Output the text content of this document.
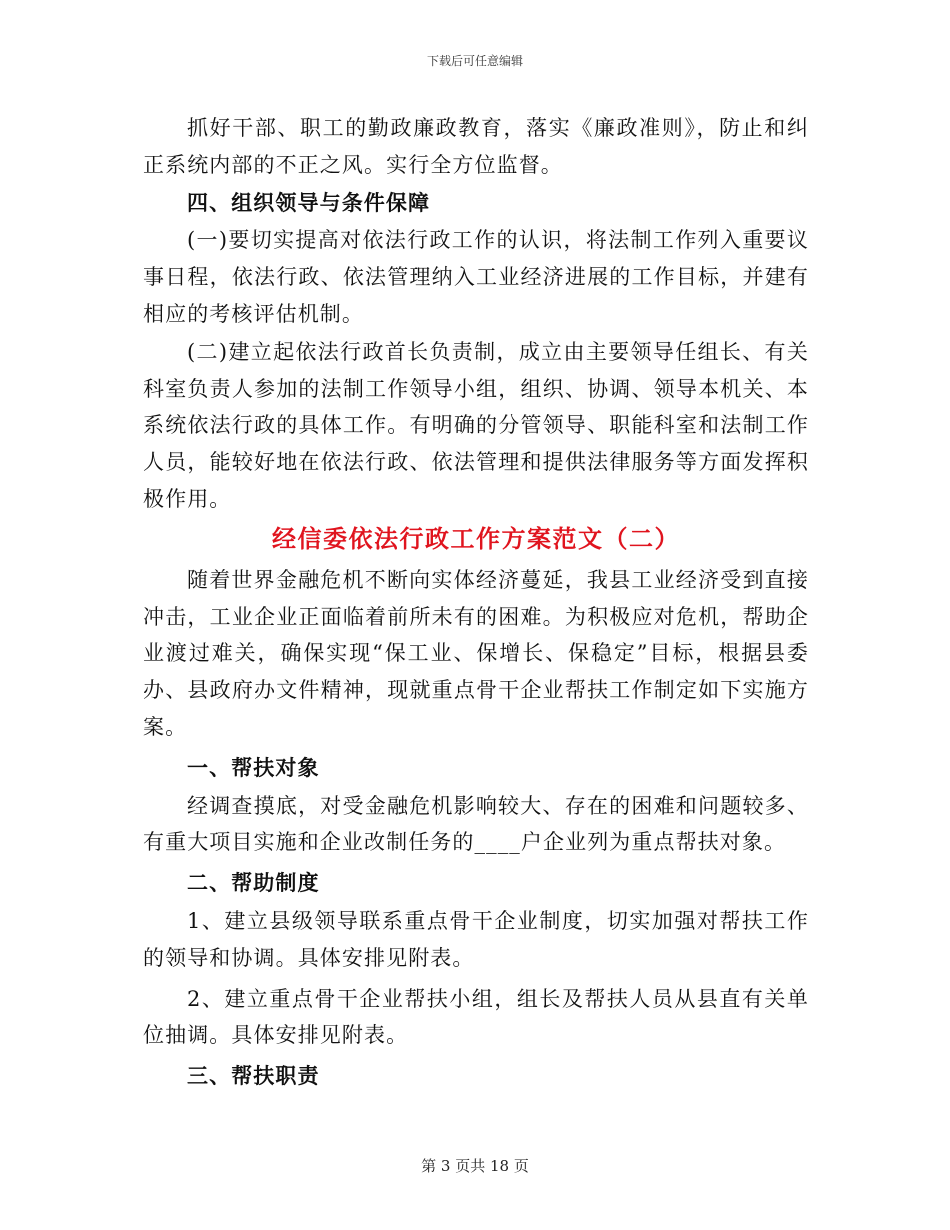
下载后可任意编辑

抓好干部、职工的勤政廉政教育，落实《廉政准则》，防止和纠正系统内部的不正之风。实行全方位监督。

四、组织领导与条件保障

(一)要切实提高对依法行政工作的认识，将法制工作列入重要议事日程，依法行政、依法管理纳入工业经济进展的工作目标，并建有相应的考核评估机制。

(二)建立起依法行政首长负责制，成立由主要领导任组长、有关科室负责人参加的法制工作领导小组，组织、协调、领导本机关、本系统依法行政的具体工作。有明确的分管领导、职能科室和法制工作人员，能较好地在依法行政、依法管理和提供法律服务等方面发挥积极作用。

经信委依法行政工作方案范文（二）

随着世界金融危机不断向实体经济蔓延，我县工业经济受到直接冲击，工业企业正面临着前所未有的困难。为积极应对危机，帮助企业渡过难关，确保实现“保工业、保增长、保稳定”目标，根据县委办、县政府办文件精神，现就重点骨干企业帮扶工作制定如下实施方案。

一、帮扶对象

经调查摸底，对受金融危机影响较大、存在的困难和问题较多、有重大项目实施和企业改制任务的____户企业列为重点帮扶对象。

二、帮助制度

1、建立县级领导联系重点骨干企业制度，切实加强对帮扶工作的领导和协调。具体安排见附表。

2、建立重点骨干企业帮扶小组，组长及帮扶人员从县直有关单位抽调。具体安排见附表。

三、帮扶职责

第 3 页共 18 页
